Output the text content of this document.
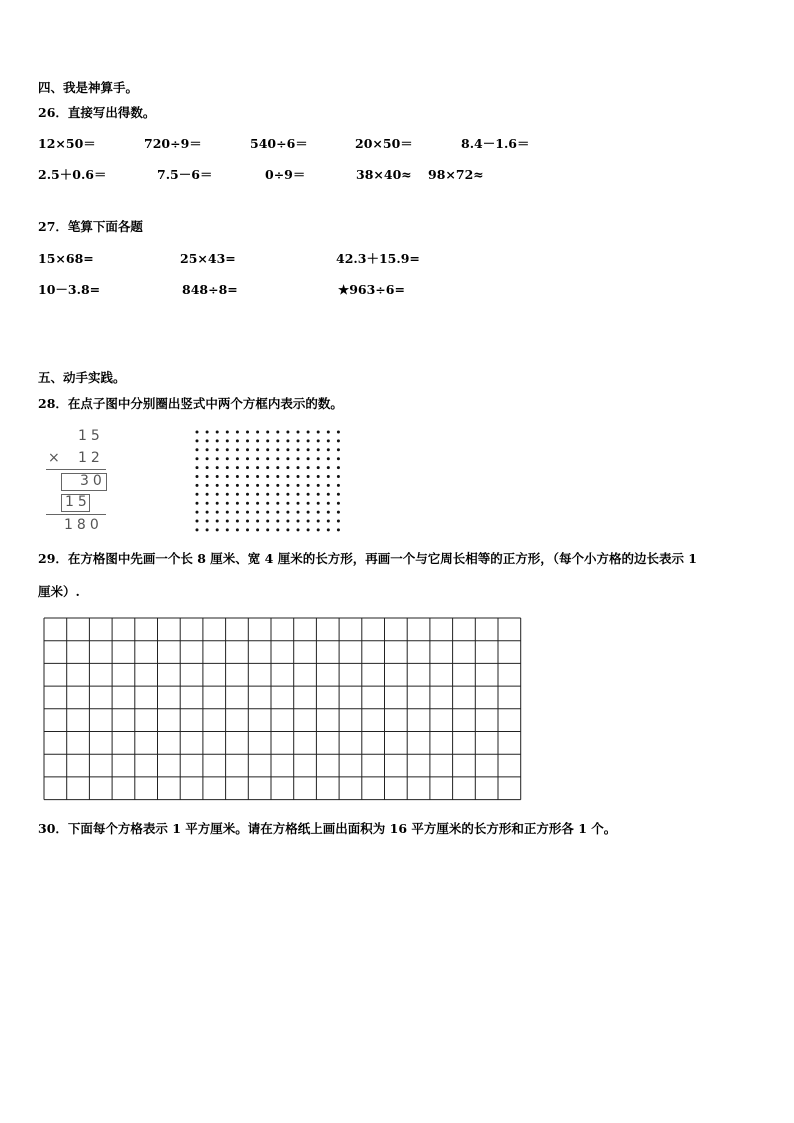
四、我是神算手。
26．直接写出得数。
12×50＝	720÷9＝	540÷6＝	20×50＝	8.4－1.6＝
2.5＋0.6＝	7.5－6＝	0÷9＝	38×40≈ 98×72≈
27．笔算下面各题
15×68=	25×43=	42.3＋15.9=
10－3.8=	848÷8=	★963÷6=
五、动手实践。
28．在点子图中分别圈出竖式中两个方框内表示的数。
15
× 12
30
15
180
29．在方格图中先画一个长 8 厘米、宽 4 厘米的长方形，再画一个与它周长相等的正方形，（每个小方格的边长表示 1
厘米）.
30．下面每个方格表示 1 平方厘米。请在方格纸上画出面积为 16 平方厘米的长方形和正方形各 1 个。
